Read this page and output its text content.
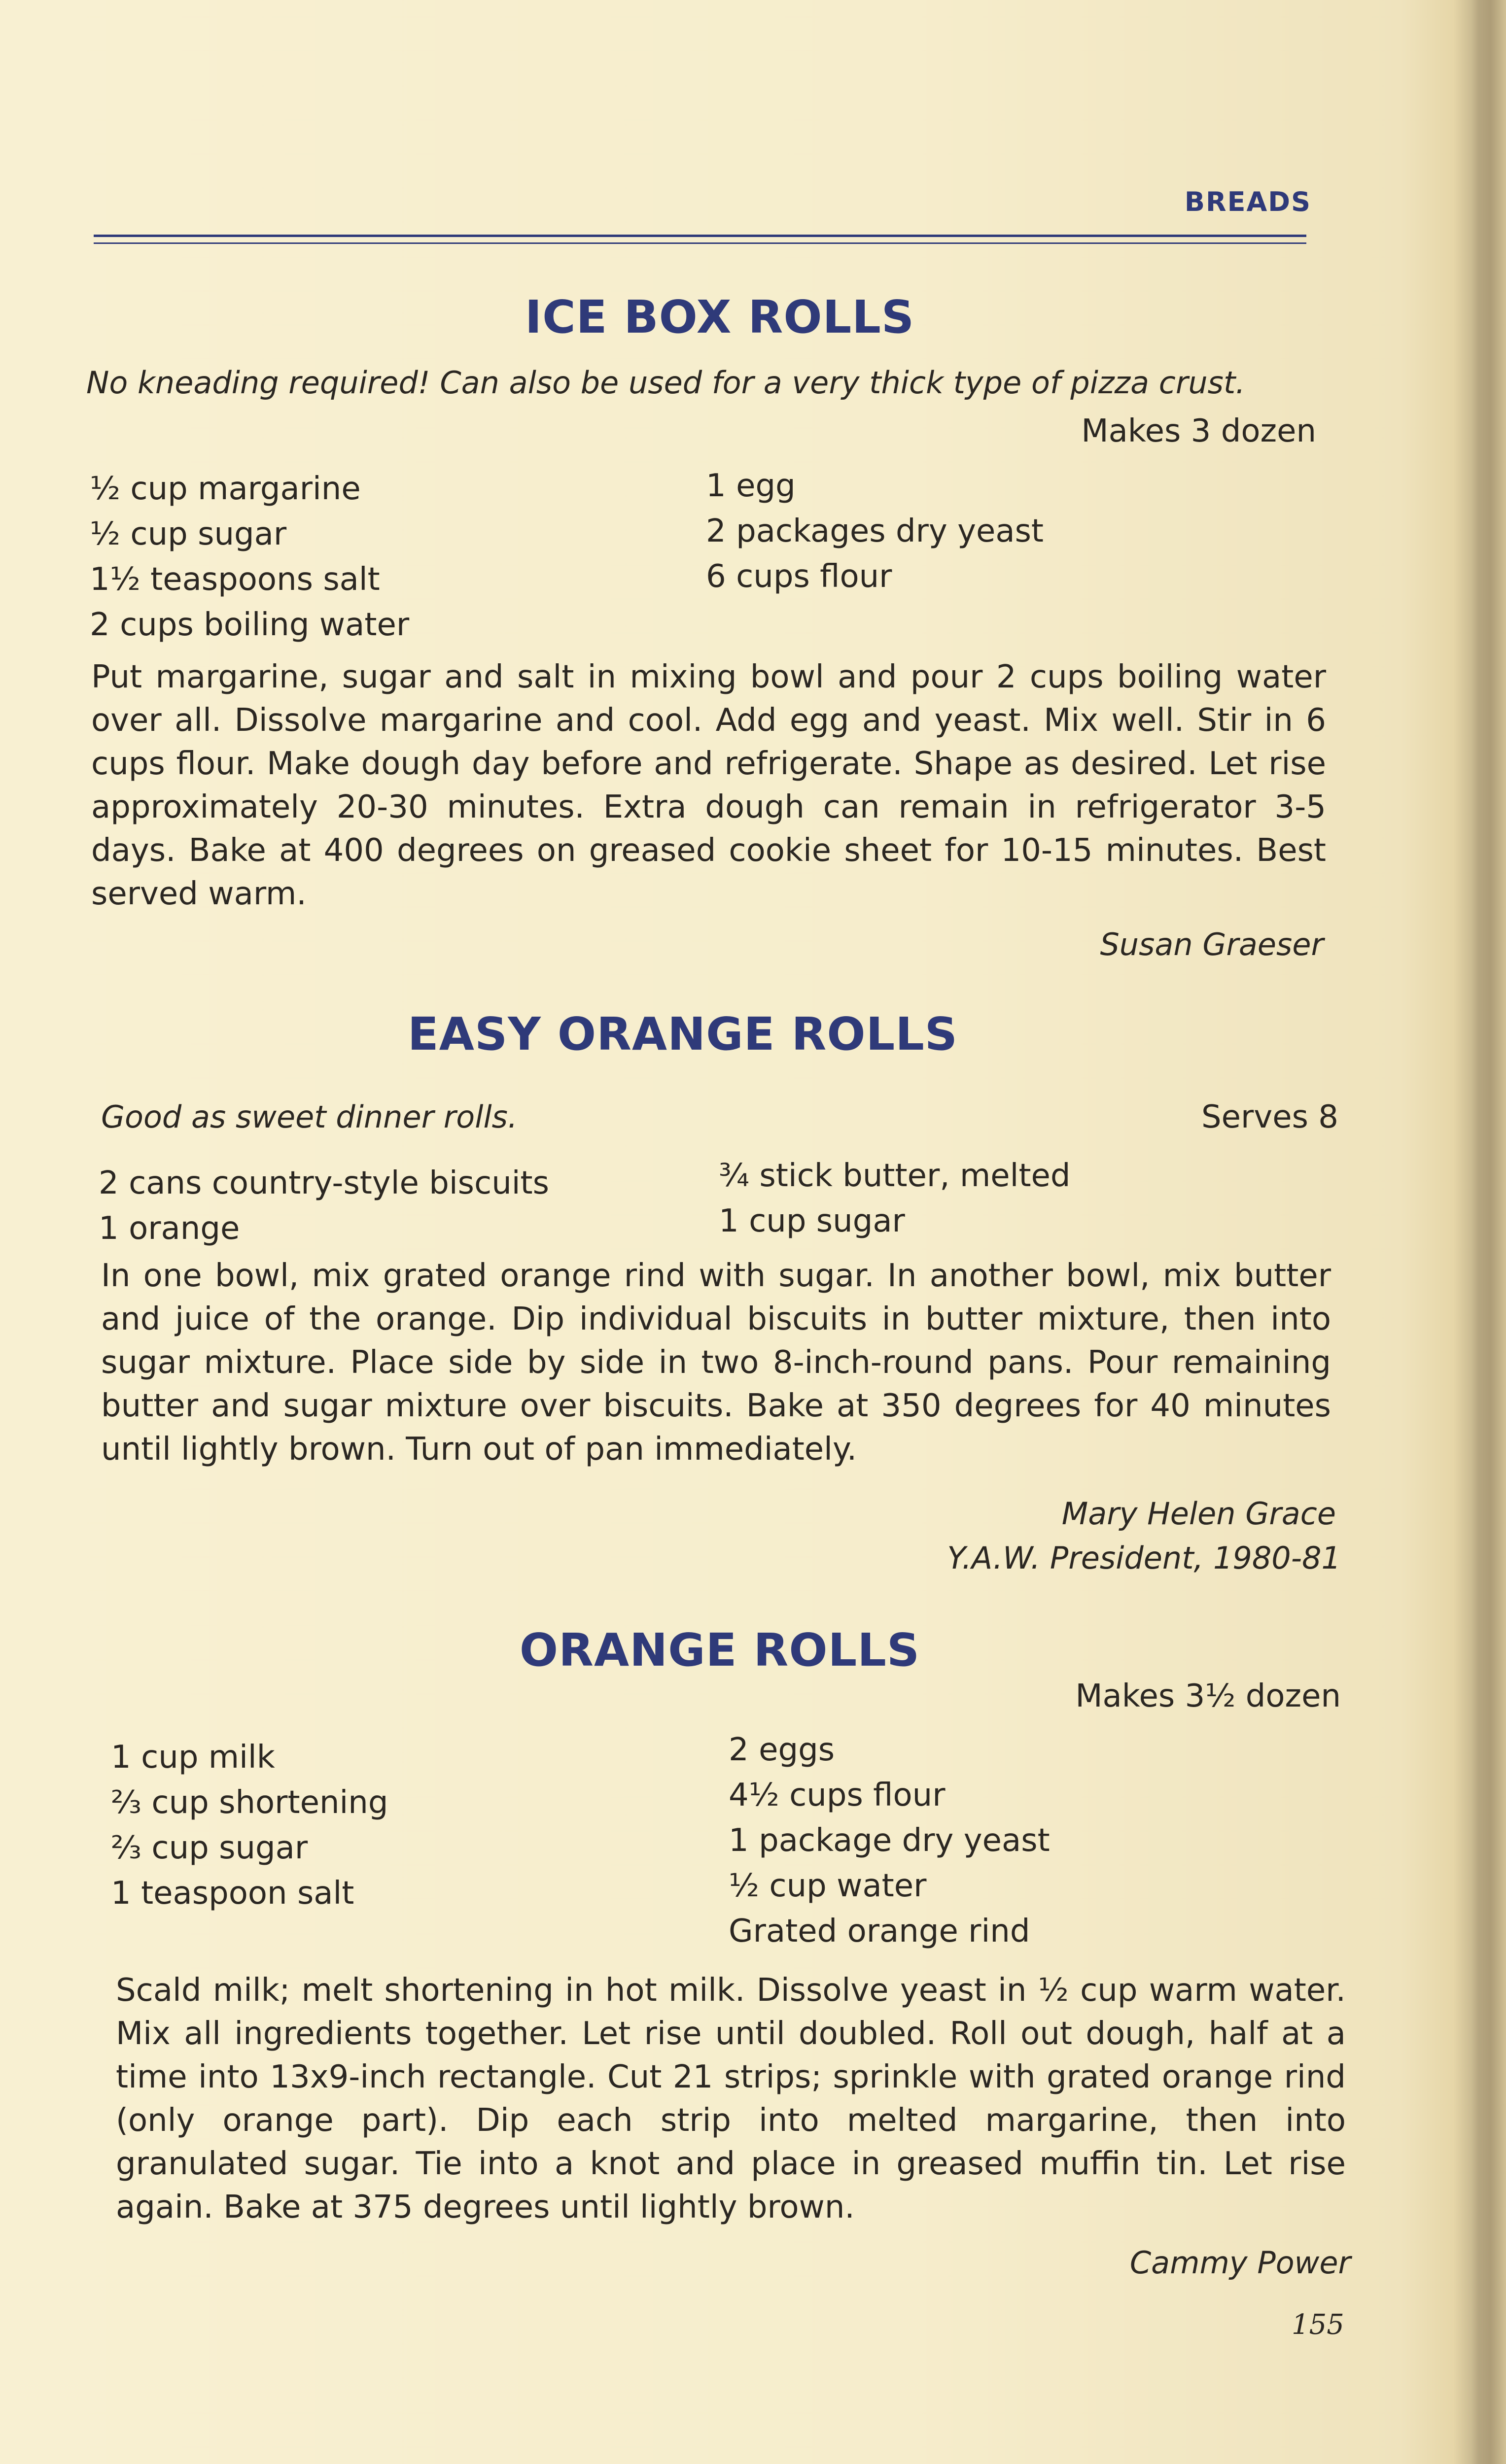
BREADS
ICE BOX ROLLS
No kneading required! Can also be used for a very thick type of pizza crust.
Makes 3 dozen
½ cup margarine
½ cup sugar
1½ teaspoons salt
2 cups boiling water
1 egg
2 packages dry yeast
6 cups flour
Put margarine, sugar and salt in mixing bowl and pour 2 cups boiling water over all. Dissolve margarine and cool. Add egg and yeast. Mix well. Stir in 6 cups flour. Make dough day before and refrigerate. Shape as desired. Let rise approximately 20-30 minutes. Extra dough can remain in refrigerator 3-5 days. Bake at 400 degrees on greased cookie sheet for 10-15 minutes. Best served warm.
Susan Graeser
EASY ORANGE ROLLS
Good as sweet dinner rolls.	Serves 8
2 cans country-style biscuits
1 orange
¾ stick butter, melted
1 cup sugar
In one bowl, mix grated orange rind with sugar. In another bowl, mix butter and juice of the orange. Dip individual biscuits in butter mixture, then into sugar mixture. Place side by side in two 8-inch-round pans. Pour remaining butter and sugar mixture over biscuits. Bake at 350 degrees for 40 minutes until lightly brown. Turn out of pan immediately.
Mary Helen Grace
Y.A.W. President, 1980-81
ORANGE ROLLS
Makes 3½ dozen
1 cup milk
⅔ cup shortening
⅔ cup sugar
1 teaspoon salt
2 eggs
4½ cups flour
1 package dry yeast
½ cup water
Grated orange rind
Scald milk; melt shortening in hot milk. Dissolve yeast in ½ cup warm water. Mix all ingredients together. Let rise until doubled. Roll out dough, half at a time into 13x9-inch rectangle. Cut 21 strips; sprinkle with grated orange rind (only orange part). Dip each strip into melted margarine, then into granulated sugar. Tie into a knot and place in greased muffin tin. Let rise again. Bake at 375 degrees until lightly brown.
Cammy Power
155
